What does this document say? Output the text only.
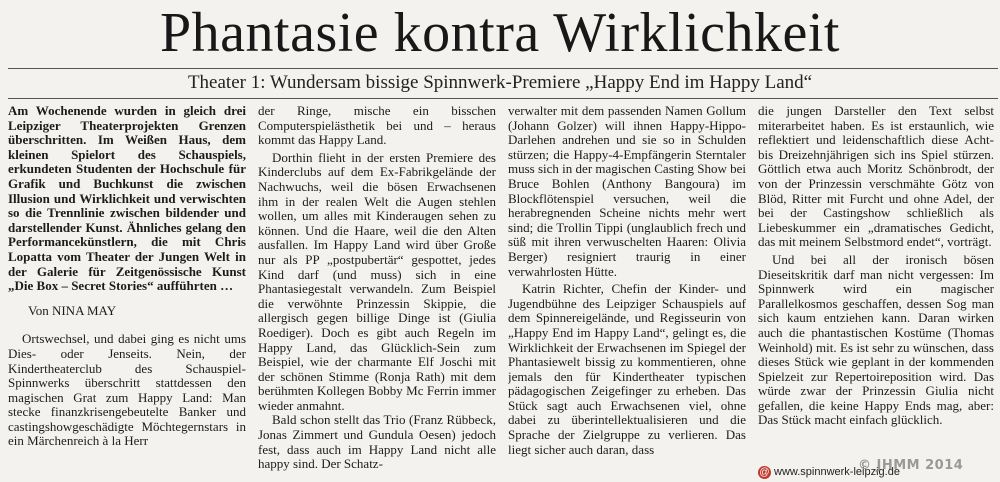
Phantasie kontra Wirklichkeit
Theater 1: Wundersam bissige Spinnwerk-Premiere „Happy End im Happy Land“

Am Wochenende wurden in gleich drei Leipziger Theaterprojekten Grenzen überschritten. Im Weißen Haus, dem kleinen Spielort des Schauspiels, erkundeten Studenten der Hochschule für Grafik und Buchkunst die zwischen Illusion und Wirklichkeit und verwischten so die Trennlinie zwischen bildender und darstellender Kunst. Ähnliches gelang den Performancekünstlern, die mit Chris Lopatta vom Theater der Jungen Welt in der Galerie für Zeitgenössische Kunst „Die Box – Secret Stories“ aufführten …

Von NINA MAY

Ortswechsel, und dabei ging es nicht ums Dies- oder Jenseits. Nein, der Kindertheaterclub des Schauspiel-Spinnwerks überschritt stattdessen den magischen Grat zum Happy Land: Man stecke finanzkrisengebeutelte Banker und castingshowgeschädigte Möchtegernstars in ein Märchenreich à la Herr

der Ringe, mische ein bisschen Computerspielästhetik bei und – heraus kommt das Happy Land.

Dorthin flieht in der ersten Premiere des Kinderclubs auf dem Ex-Fabrikgelände der Nachwuchs, weil die bösen Erwachsenen ihm in der realen Welt die Augen stehlen wollen, um alles mit Kinderaugen sehen zu können. Und die Haare, weil die den Alten ausfallen. Im Happy Land wird über Große nur als PP „postpubertär“ gespottet, jedes Kind darf (und muss) sich in eine Phantasiegestalt verwandeln. Zum Beispiel die verwöhnte Prinzessin Skippie, die allergisch gegen billige Dinge ist (Giulia Roediger). Doch es gibt auch Regeln im Happy Land, das Glücklich-Sein zum Beispiel, wie der charmante Elf Joschi mit der schönen Stimme (Ronja Rath) mit dem berühmten Kollegen Bobby Mc Ferrin immer wieder anmahnt.

Bald schon stellt das Trio (Franz Rübbeck, Jonas Zimmert und Gundula Oesen) jedoch fest, dass auch im Happy Land nicht alle happy sind. Der Schatz-

verwalter mit dem passenden Namen Gollum (Johann Golzer) will ihnen Happy-Hippo-Darlehen andrehen und sie so in Schulden stürzen; die Happy-4-Empfängerin Sterntaler muss sich in der magischen Casting Show bei Bruce Bohlen (Anthony Bangoura) im Blockflötenspiel versuchen, weil die herabregnenden Scheine nichts mehr wert sind; die Trollin Tippi (unglaublich frech und süß mit ihren verwuschelten Haaren: Olivia Berger) resigniert traurig in einer verwahrlosten Hütte.

Katrin Richter, Chefin der Kinder- und Jugendbühne des Leipziger Schauspiels auf dem Spinnereigelände, und Regisseurin von „Happy End im Happy Land“, gelingt es, die Wirklichkeit der Erwachsenen im Spiegel der Phantasiewelt bissig zu kommentieren, ohne jemals den für Kindertheater typischen pädagogischen Zeigefinger zu erheben. Das Stück sagt auch Erwachsenen viel, ohne dabei zu überintellektualisieren und die Sprache der Zielgruppe zu verlieren. Das liegt sicher auch daran, dass

die jungen Darsteller den Text selbst miterarbeitet haben. Es ist erstaunlich, wie reflektiert und leidenschaftlich diese Acht- bis Dreizehnjährigen sich ins Spiel stürzen. Göttlich etwa auch Moritz Schönbrodt, der von der Prinzessin verschmähte Götz von Blöd, Ritter mit Furcht und ohne Adel, der bei der Castingshow schließlich als Liebeskummer ein „dramatisches Gedicht, das mit meinem Selbstmord endet“, vorträgt.

Und bei all der ironisch bösen Dieseitskritik darf man nicht vergessen: Im Spinnwerk wird ein magischer Parallelkosmos geschaffen, dessen Sog man sich kaum entziehen kann. Daran wirken auch die phantastischen Kostüme (Thomas Weinhold) mit. Es ist sehr zu wünschen, dass dieses Stück wie geplant in der kommenden Spielzeit zur Repertoireposition wird. Das würde zwar der Prinzessin Giulia nicht gefallen, die keine Happy Ends mag, aber: Das Stück macht einfach glücklich.

@ www.spinnwerk-leipzig.de
© JHMM 2014
